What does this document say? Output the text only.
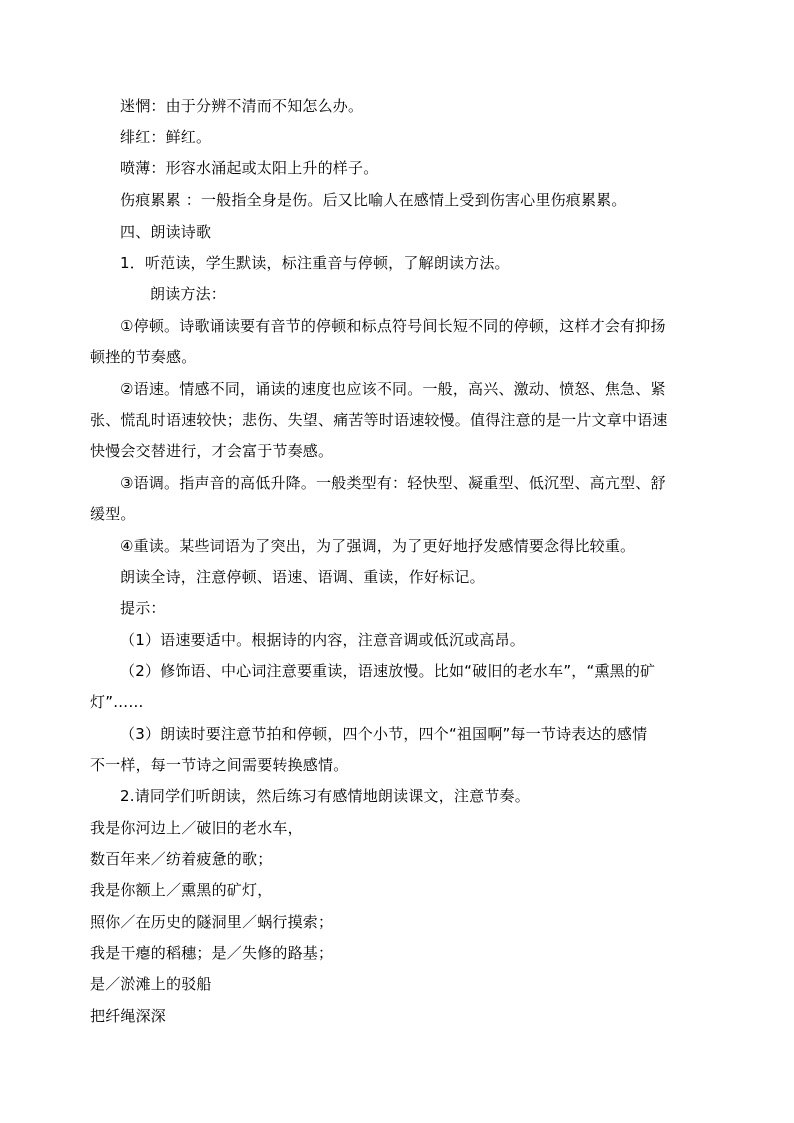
迷惘：由于分辨不清而不知怎么办。
绯红：鲜红。
喷薄：形容水涌起或太阳上升的样子。
伤痕累累 ：一般指全身是伤。后又比喻人在感情上受到伤害心里伤痕累累。
四、朗读诗歌
1．听范读，学生默读，标注重音与停顿，了解朗读方法。
朗读方法：
①停顿。诗歌诵读要有音节的停顿和标点符号间长短不同的停顿，这样才会有抑扬
顿挫的节奏感。
②语速。情感不同，诵读的速度也应该不同。一般，高兴、激动、愤怒、焦急、紧
张、慌乱时语速较快；悲伤、失望、痛苦等时语速较慢。值得注意的是一片文章中语速
快慢会交替进行，才会富于节奏感。
③语调。指声音的高低升降。一般类型有：轻快型、凝重型、低沉型、高亢型、舒
缓型。
④重读。某些词语为了突出，为了强调，为了更好地抒发感情要念得比较重。
朗读全诗，注意停顿、语速、语调、重读，作好标记。
提示：
（1）语速要适中。根据诗的内容，注意音调或低沉或高昂。
（2）修饰语、中心词注意要重读，语速放慢。比如“破旧的老水车”，“熏黑的矿
灯”……
（3）朗读时要注意节拍和停顿，四个小节，四个“祖国啊”每一节诗表达的感情
不一样，每一节诗之间需要转换感情。
2.请同学们听朗读，然后练习有感情地朗读课文，注意节奏。
我是你河边上／破旧的老水车，
数百年来／纺着疲惫的歌；
我是你额上／熏黑的矿灯，
照你／在历史的隧洞里／蜗行摸索；
我是干瘪的稻穗；是／失修的路基；
是／淤滩上的驳船
把纤绳深深
